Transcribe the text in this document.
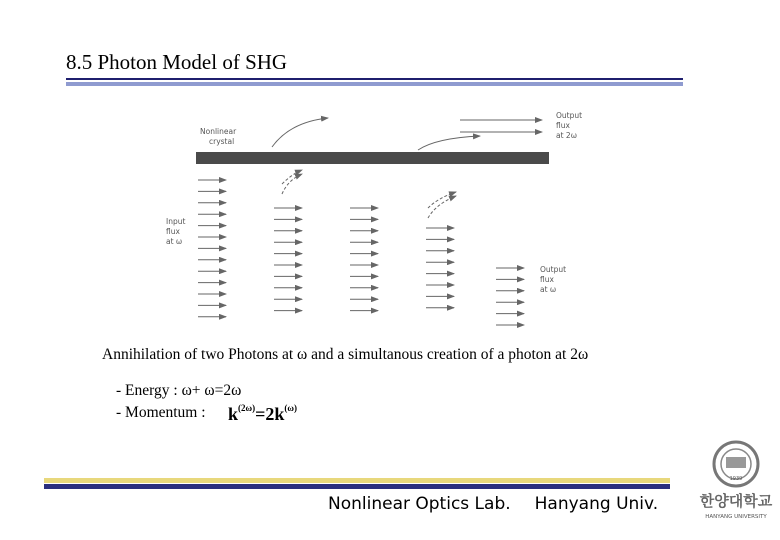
8.5 Photon Model of SHG
Nonlinear
crystal
Output
flux
at 2ω
Input
flux
at ω
Output
flux
at ω
Annihilation of two Photons at ω and a simultanous creation of a photon at 2ω
- Energy : ω+ ω=2ω
- Momentum : $k^{(2\omega)}=2k^{(\omega)}$
Nonlinear Optics Lab. Hanyang Univ.
1939
한양대학교
HANYANG UNIVERSITY
